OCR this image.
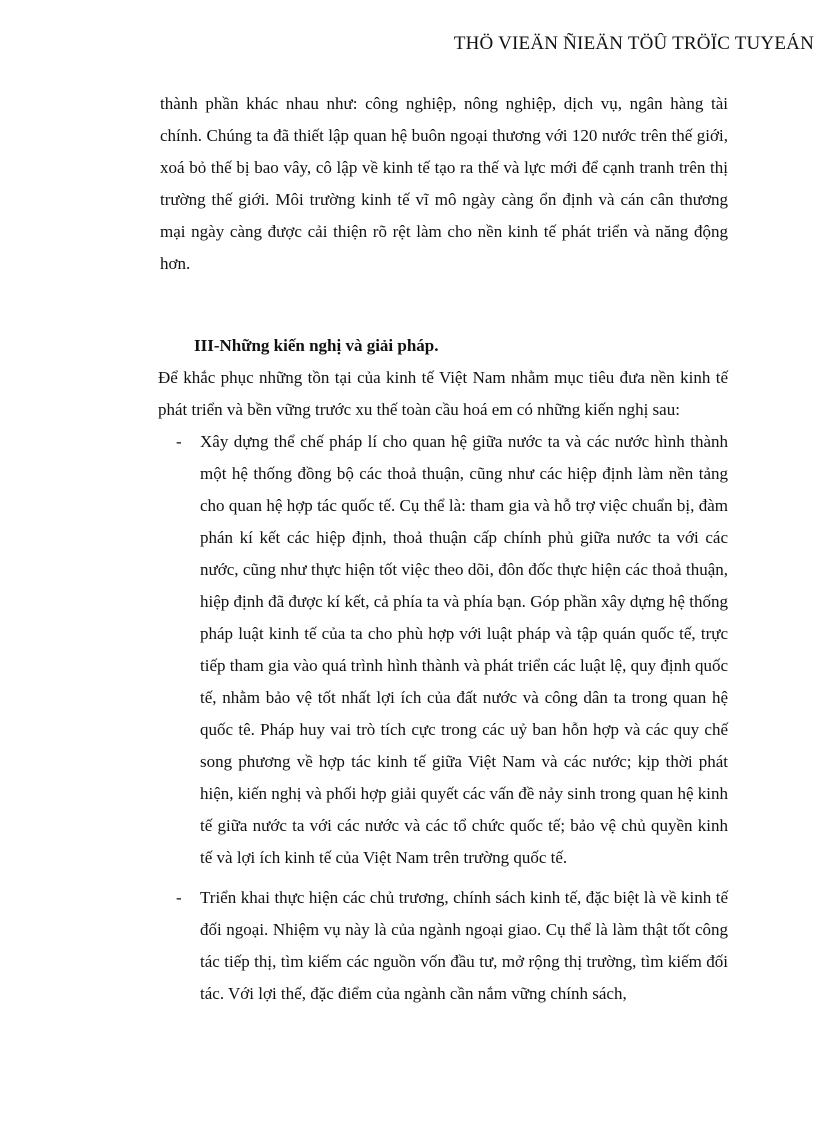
THÖ VIEÄN ÑIEÄN TÖÛ TRÖÏC TUYEÁN

thành phần khác nhau như: công nghiệp, nông nghiệp, dịch vụ, ngân hàng tài chính. Chúng ta đã thiết lập quan hệ buôn ngoại thương với 120 nước trên thế giới, xoá bỏ thế bị bao vây, cô lập về kinh tế tạo ra thế và lực mới để cạnh tranh trên thị trường thế giới. Môi trường kinh tế vĩ mô ngày càng ổn định và cán cân thương mại ngày càng được cải thiện rõ rệt làm cho nền kinh tế phát triển và năng động hơn.

III-Những kiến nghị và giải pháp.

Để khắc phục những tồn tại của kinh tế Việt Nam nhằm mục tiêu đưa nền kinh tế phát triển và bền vững trước xu thế toàn cầu hoá em có những kiến nghị sau:

- Xây dựng thể chế pháp lí cho quan hệ giữa nước ta và các nước hình thành một hệ thống đồng bộ các thoả thuận, cũng như các hiệp định làm nền tảng cho quan hệ hợp tác quốc tế. Cụ thể là: tham gia và hỗ trợ việc chuẩn bị, đàm phán kí kết các hiệp định, thoả thuận cấp chính phủ giữa nước ta với các nước, cũng như thực hiện tốt việc theo dõi, đôn đốc thực hiện các thoả thuận, hiệp định đã được kí kết, cả phía ta và phía bạn. Góp phần xây dựng hệ thống pháp luật kinh tế của ta cho phù hợp với luật pháp và tập quán quốc tế, trực tiếp tham gia vào quá trình hình thành và phát triển các luật lệ, quy định quốc tế, nhằm bảo vệ tốt nhất lợi ích của đất nước và công dân ta trong quan hệ quốc tê. Pháp huy vai trò tích cực trong các uỷ ban hỗn hợp và các quy chế song phương về hợp tác kinh tế giữa Việt Nam và các nước; kịp thời phát hiện, kiến nghị và phối hợp giải quyết các vấn đề nảy sinh trong quan hệ kinh tế giữa nước ta với các nước và các tổ chức quốc tế; bảo vệ chủ quyền kinh tế và lợi ích kinh tế của Việt Nam trên trường quốc tế.
- Triển khai thực hiện các chủ trương, chính sách kinh tế, đặc biệt là về kinh tế đối ngoại. Nhiệm vụ này là của ngành ngoại giao. Cụ thể là làm thật tốt công tác tiếp thị, tìm kiếm các nguồn vốn đầu tư, mở rộng thị trường, tìm kiếm đối tác. Với lợi thế, đặc điểm của ngành cần nắm vững chính sách,
